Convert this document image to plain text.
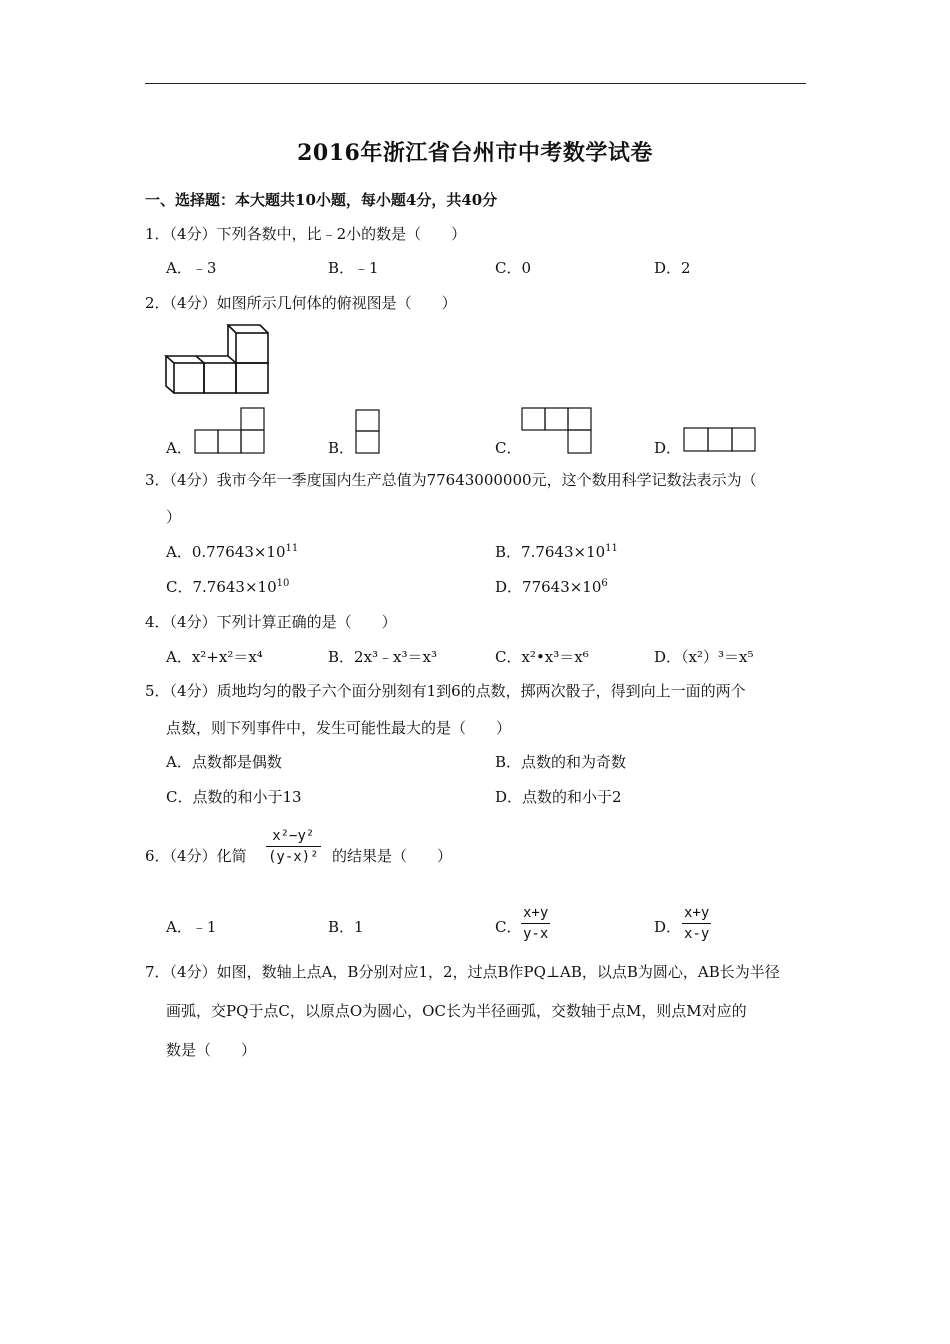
2016年浙江省台州市中考数学试卷
一、选择题：本大题共10小题，每小题4分，共40分
1．（4分）下列各数中，比﹣2小的数是（　　）
A．﹣3	B．﹣1	C．0	D．2
2．（4分）如图所示几何体的俯视图是（　　）
A．	B．	C．	D．
3．（4分）我市今年一季度国内生产总值为77643000000元，这个数用科学记数法表示为（
）
A．$0.77643\times 10^{11}$	B．$7.7643\times 10^{11}$
C．$7.7643\times 10^{10}$	D．$77643\times 10^6$
4．（4分）下列计算正确的是（　　）
A．x²+x²＝x⁴	B．2x³﹣x³＝x³	C．x²•x³＝x⁶	D．（x²）³＝x⁵
5．（4分）质地均匀的骰子六个面分别刻有1到6的点数，掷两次骰子，得到向上一面的两个
点数，则下列事件中，发生可能性最大的是（　　）
A．点数都是偶数	B．点数的和为奇数
C．点数的和小于13	D．点数的和小于2
6．（4分）化简
x²−y²
(y-x)² 的结果是（　　）
A．﹣1	B．1	C．
x+y
y-x	D．
x+y
x-y
7．（4分）如图，数轴上点A，B分别对应1，2，过点B作PQ⊥AB，以点B为圆心，AB长为半径
画弧，交PQ于点C，以原点O为圆心，OC长为半径画弧，交数轴于点M，则点M对应的
数是（　　）
